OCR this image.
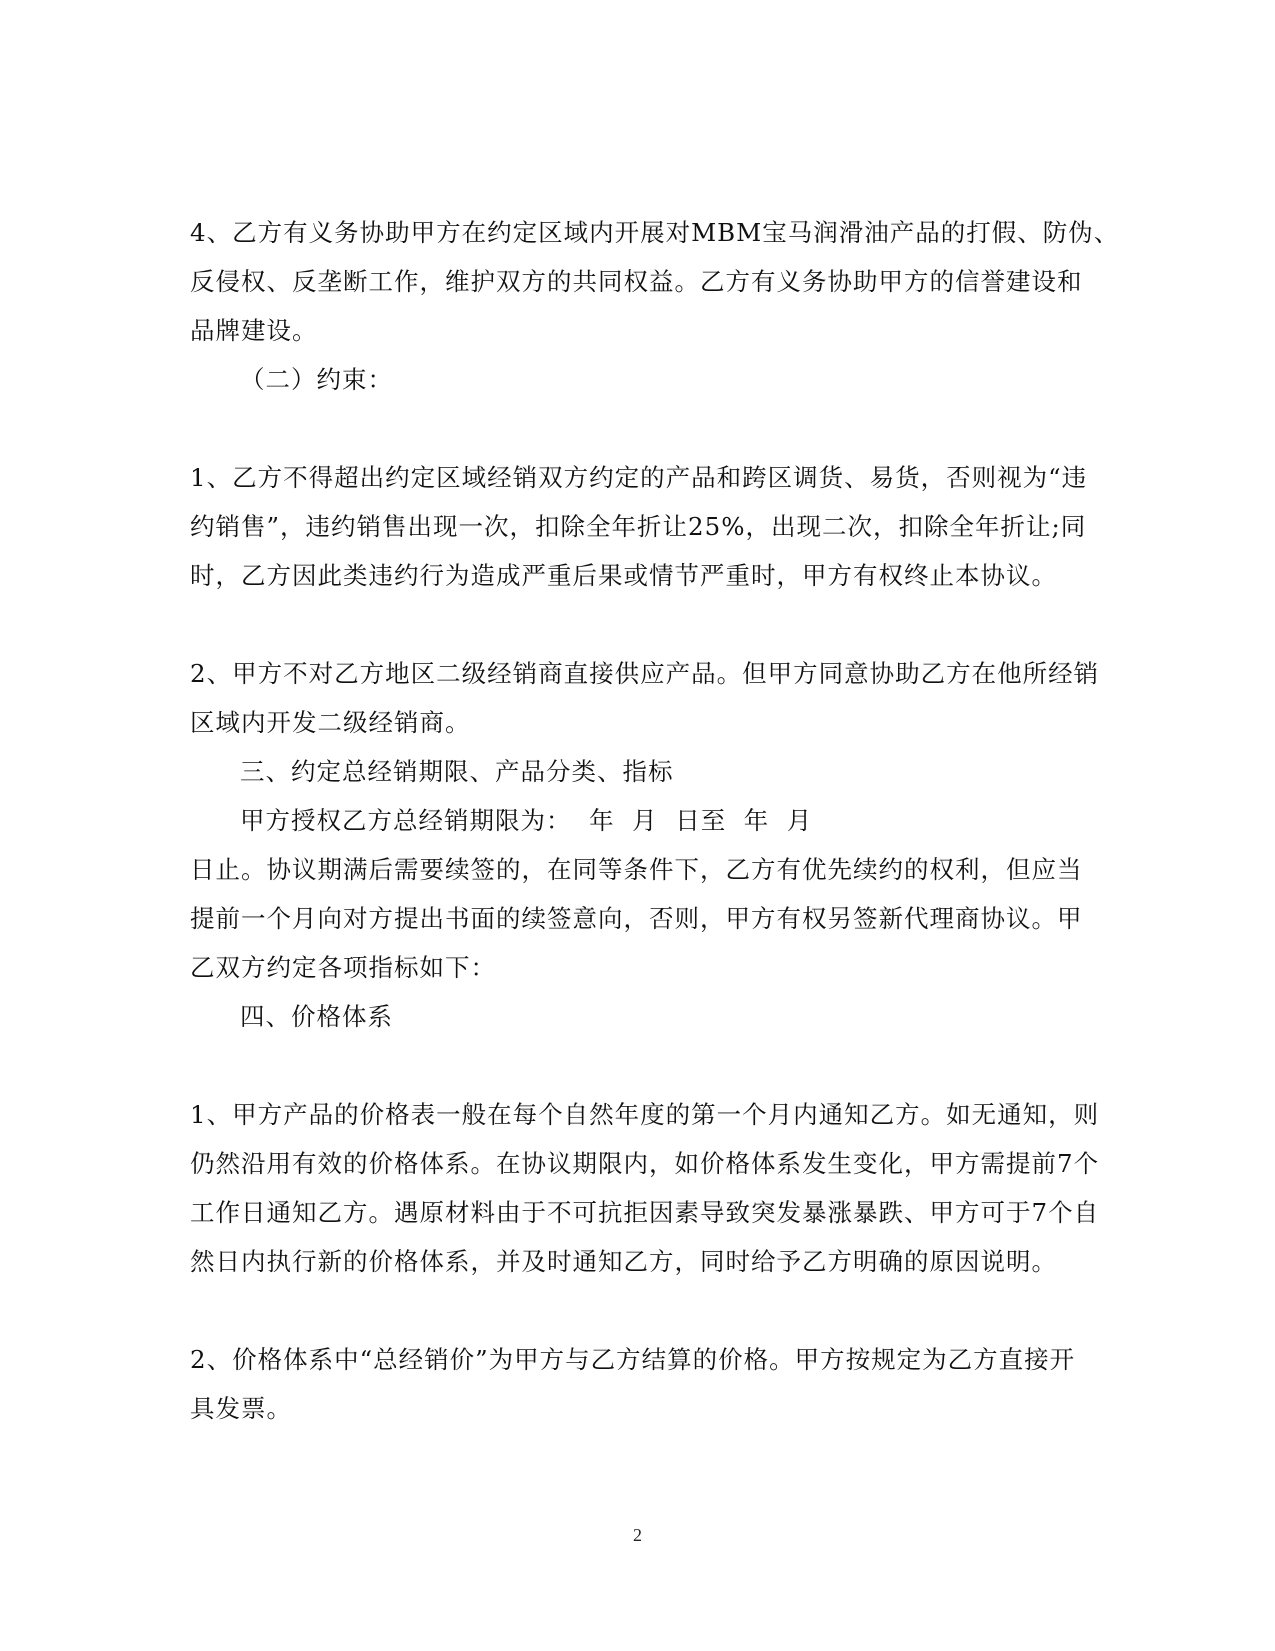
4、乙方有义务协助甲方在约定区域内开展对MBM宝马润滑油产品的打假、防伪、
反侵权、反垄断工作，维护双方的共同权益。乙方有义务协助甲方的信誉建设和
品牌建设。

（二）约束：

1、乙方不得超出约定区域经销双方约定的产品和跨区调货、易货，否则视为“违
约销售”，违约销售出现一次，扣除全年折让25%，出现二次，扣除全年折让;同
时，乙方因此类违约行为造成严重后果或情节严重时，甲方有权终止本协议。

2、甲方不对乙方地区二级经销商直接供应产品。但甲方同意协助乙方在他所经销
区域内开发二级经销商。

三、约定总经销期限、产品分类、指标

甲方授权乙方总经销期限为：  年  月  日至  年  月
日止。协议期满后需要续签的，在同等条件下，乙方有优先续约的权利，但应当
提前一个月向对方提出书面的续签意向，否则，甲方有权另签新代理商协议。甲
乙双方约定各项指标如下：

四、价格体系

1、甲方产品的价格表一般在每个自然年度的第一个月内通知乙方。如无通知，则
仍然沿用有效的价格体系。在协议期限内，如价格体系发生变化，甲方需提前7个
工作日通知乙方。遇原材料由于不可抗拒因素导致突发暴涨暴跌、甲方可于7个自
然日内执行新的价格体系，并及时通知乙方，同时给予乙方明确的原因说明。

2、价格体系中“总经销价”为甲方与乙方结算的价格。甲方按规定为乙方直接开
具发票。

2
